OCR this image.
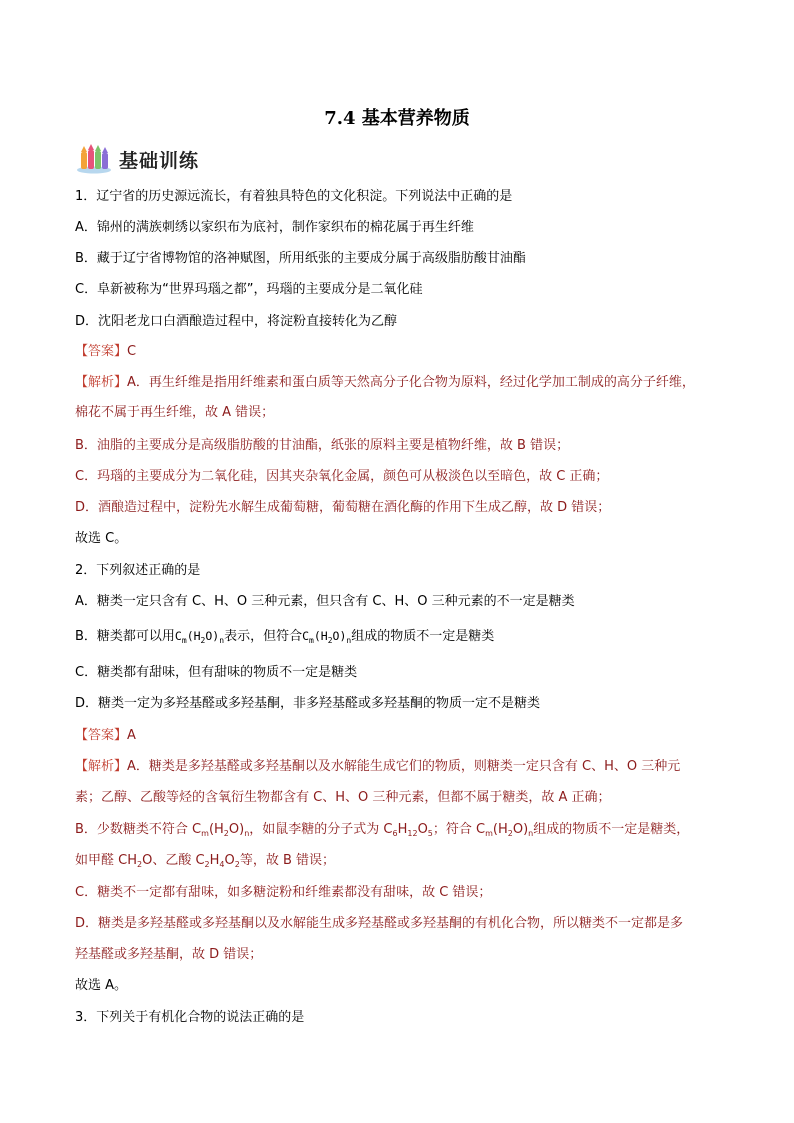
7.4 基本营养物质
基础训练
1．辽宁省的历史源远流长，有着独具特色的文化积淀。下列说法中正确的是
A．锦州的满族刺绣以家织布为底衬，制作家织布的棉花属于再生纤维
B．藏于辽宁省博物馆的洛神赋图，所用纸张的主要成分属于高级脂肪酸甘油酯
C．阜新被称为“世界玛瑙之都”，玛瑙的主要成分是二氧化硅
D．沈阳老龙口白酒酿造过程中，将淀粉直接转化为乙醇
【答案】C
【解析】A．再生纤维是指用纤维素和蛋白质等天然高分子化合物为原料，经过化学加工制成的高分子纤维，
棉花不属于再生纤维，故 A 错误；
B．油脂的主要成分是高级脂肪酸的甘油酯，纸张的原料主要是植物纤维，故 B 错误；
C．玛瑙的主要成分为二氧化硅，因其夹杂氧化金属，颜色可从极淡色以至暗色，故 C 正确；
D．酒酿造过程中，淀粉先水解生成葡萄糖，葡萄糖在酒化酶的作用下生成乙醇，故 D 错误；
故选 C。
2．下列叙述正确的是
A．糖类一定只含有 C、H、O 三种元素，但只含有 C、H、O 三种元素的不一定是糖类
B．糖类都可以用$C_m(H_2O)_n$表示，但符合$C_m(H_2O)_n$组成的物质不一定是糖类
C．糖类都有甜味，但有甜味的物质不一定是糖类
D．糖类一定为多羟基醛或多羟基酮，非多羟基醛或多羟基酮的物质一定不是糖类
【答案】A
【解析】A．糖类是多羟基醛或多羟基酮以及水解能生成它们的物质，则糖类一定只含有 C、H、O 三种元
素；乙醇、乙酸等烃的含氧衍生物都含有 C、H、O 三种元素，但都不属于糖类，故 A 正确；
B．少数糖类不符合 $C_m(H_2O)_n$，如鼠李糖的分子式为 $C_6H_{12}O_5$；符合 $C_m(H_2O)_n$组成的物质不一定是糖类，
如甲醛 $CH_2O$、乙酸 $C_2H_4O_2$等，故 B 错误；
C．糖类不一定都有甜味，如多糖淀粉和纤维素都没有甜味，故 C 错误；
D．糖类是多羟基醛或多羟基酮以及水解能生成多羟基醛或多羟基酮的有机化合物，所以糖类不一定都是多
羟基醛或多羟基酮，故 D 错误；
故选 A。
3．下列关于有机化合物的说法正确的是
